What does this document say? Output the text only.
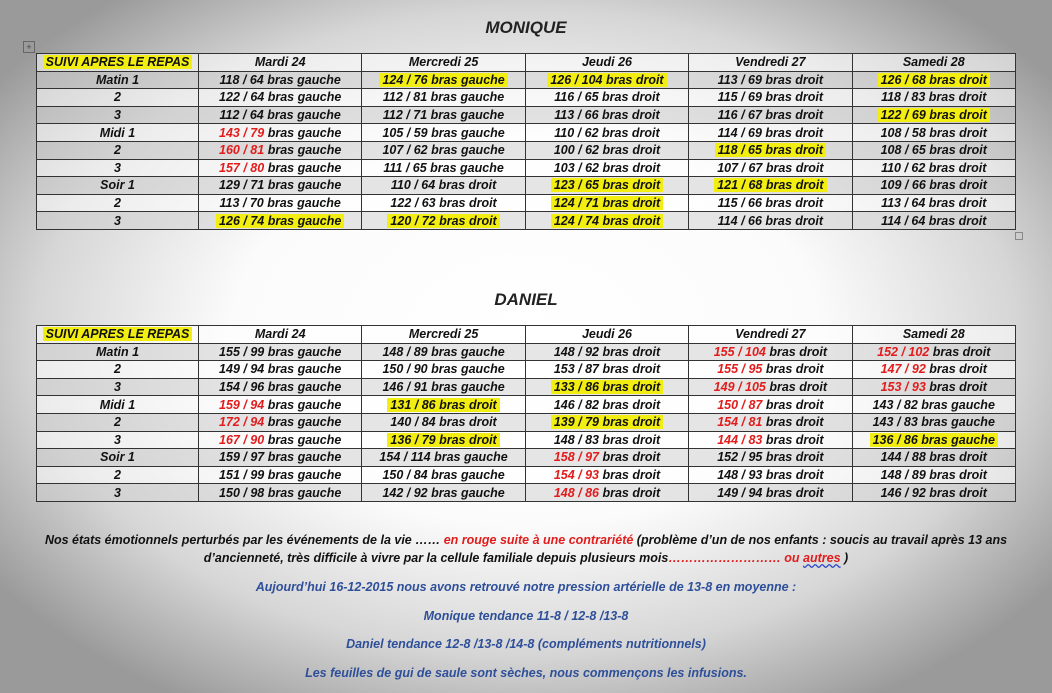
MONIQUE
+
SUIVI APRES LE REPAS	Mardi 24	Mercredi 25	Jeudi 26	Vendredi 27	Samedi 28
Matin 1	118 / 64 bras gauche	124 / 76 bras gauche	126 / 104 bras droit	113 / 69 bras droit	126 / 68 bras droit
2	122 / 64 bras gauche	112 / 81 bras gauche	116 / 65 bras droit	115 / 69 bras droit	118 / 83 bras droit
3	112 / 64 bras gauche	112 / 71 bras gauche	113 / 66 bras droit	116 / 67 bras droit	122 / 69 bras droit
Midi 1	143 / 79 bras gauche	105 / 59 bras gauche	110 / 62 bras droit	114 / 69 bras droit	108 / 58 bras droit
2	160 / 81 bras gauche	107 / 62 bras gauche	100 / 62 bras droit	118 / 65 bras droit	108 / 65 bras droit
3	157 / 80 bras gauche	111 / 65 bras gauche	103 / 62 bras droit	107 / 67 bras droit	110 / 62 bras droit
Soir 1	129 / 71 bras gauche	110 / 64 bras droit	123 / 65 bras droit	121 / 68 bras droit	109 / 66 bras droit
2	113 / 70 bras gauche	122 / 63 bras droit	124 / 71 bras droit	115 / 66 bras droit	113 / 64 bras droit
3	126 / 74 bras gauche	120 / 72 bras droit	124 / 74 bras droit	114 / 66 bras droit	114 / 64 bras droit
DANIEL
SUIVI APRES LE REPAS	Mardi 24	Mercredi 25	Jeudi 26	Vendredi 27	Samedi 28
Matin 1	155 / 99 bras gauche	148 / 89 bras gauche	148 / 92 bras droit	155 / 104 bras droit	152 / 102 bras droit
2	149 / 94 bras gauche	150 / 90 bras gauche	153 / 87 bras droit	155 / 95 bras droit	147 / 92 bras droit
3	154 / 96 bras gauche	146 / 91 bras gauche	133 / 86 bras droit	149 / 105 bras droit	153 / 93 bras droit
Midi 1	159 / 94 bras gauche	131 / 86 bras droit	146 / 82 bras droit	150 / 87 bras droit	143 / 82 bras gauche
2	172 / 94 bras gauche	140 / 84 bras droit	139 / 79 bras droit	154 / 81 bras droit	143 / 83 bras gauche
3	167 / 90 bras gauche	136 / 79 bras droit	148 / 83 bras droit	144 / 83 bras droit	136 / 86 bras gauche
Soir 1	159 / 97 bras gauche	154 / 114 bras gauche	158 / 97 bras droit	152 / 95 bras droit	144 / 88 bras droit
2	151 / 99 bras gauche	150 / 84 bras gauche	154 / 93 bras droit	148 / 93 bras droit	148 / 89 bras droit
3	150 / 98 bras gauche	142 / 92 bras gauche	148 / 86 bras droit	149 / 94 bras droit	146 / 92 bras droit
Nos états émotionnels perturbés par les événements de la vie …… en rouge suite à une contrariété (problème d’un de nos enfants : soucis au travail après 13 ans d’ancienneté, très difficile à vivre par la cellule familiale depuis plusieurs mois……………………… ou autres )
Aujourd’hui 16-12-2015 nous avons retrouvé notre pression artérielle de 13-8 en moyenne :
Monique tendance 11-8 / 12-8 /13-8
Daniel tendance 12-8 /13-8 /14-8 (compléments nutritionnels)
Les feuilles de gui de saule sont sèches, nous commençons les infusions.
